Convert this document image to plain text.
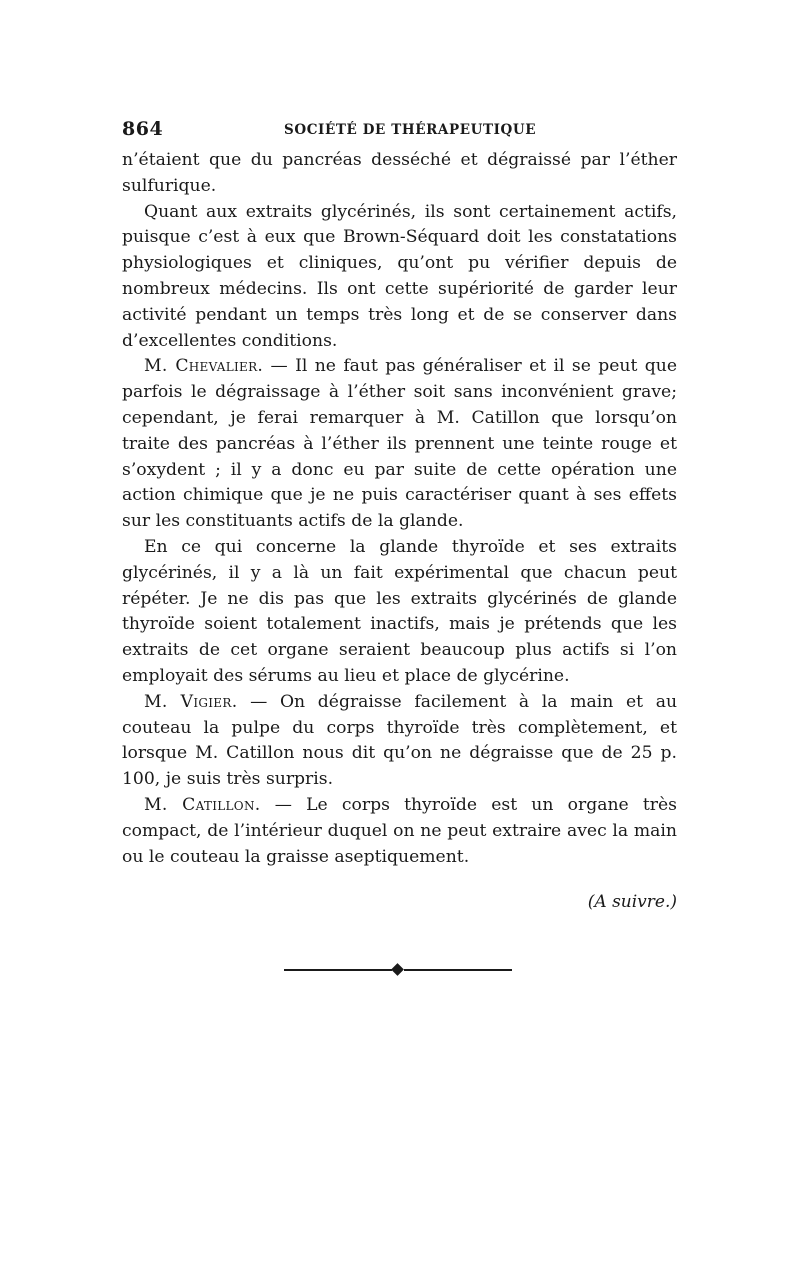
864	SOCIÉTÉ DE THÉRAPEUTIQUE

n’étaient que du pancréas desséché et dégraissé par l’éther sulfurique.

Quant aux extraits glycérinés, ils sont certainement actifs, puisque c’est à eux que Brown-Séquard doit les constatations physiologiques et cliniques, qu’ont pu vérifier depuis de nombreux médecins. Ils ont cette supériorité de garder leur activité pendant un temps très long et de se conserver dans d’excellentes conditions.

M. Chevalier. — Il ne faut pas généraliser et il se peut que parfois le dégraissage à l’éther soit sans inconvénient grave; cependant, je ferai remarquer à M. Catillon que lorsqu’on traite des pancréas à l’éther ils prennent une teinte rouge et s’oxydent ; il y a donc eu par suite de cette opération une action chimique que je ne puis caractériser quant à ses effets sur les constituants actifs de la glande.

En ce qui concerne la glande thyroïde et ses extraits glycérinés, il y a là un fait expérimental que chacun peut répéter. Je ne dis pas que les extraits glycérinés de glande thyroïde soient totalement inactifs, mais je prétends que les extraits de cet organe seraient beaucoup plus actifs si l’on employait des sérums au lieu et place de glycérine.

M. Vigier. — On dégraisse facilement à la main et au couteau la pulpe du corps thyroïde très complètement, et lorsque M. Catillon nous dit qu’on ne dégraisse que de 25 p. 100, je suis très surpris.

M. Catillon. — Le corps thyroïde est un organe très compact, de l’intérieur duquel on ne peut extraire avec la main ou le couteau la graisse aseptiquement.

(A suivre.)
